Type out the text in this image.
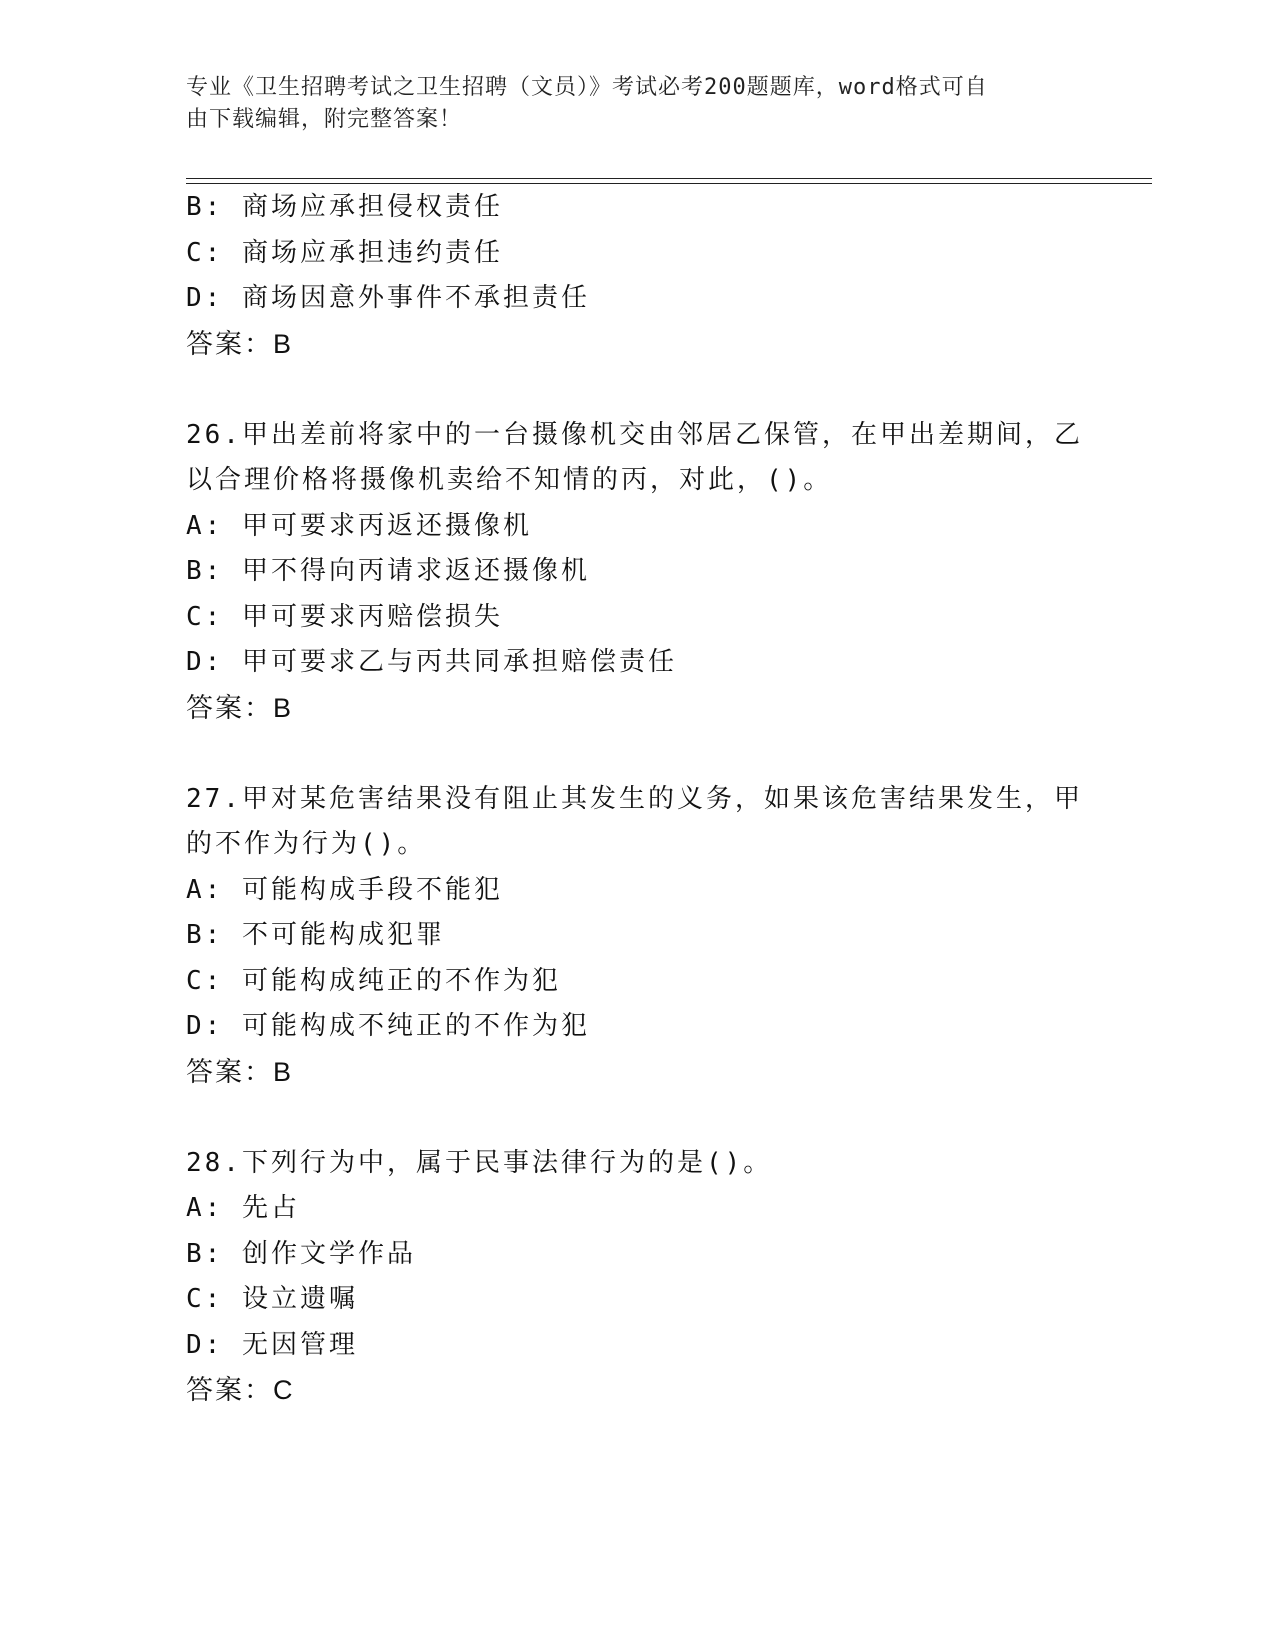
专业《卫生招聘考试之卫生招聘（文员）》考试必考200题题库，word格式可自
由下载编辑，附完整答案！
B: 商场应承担侵权责任
C: 商场应承担违约责任
D: 商场因意外事件不承担责任
答案：B
26.甲出差前将家中的一台摄像机交由邻居乙保管，在甲出差期间，乙
以合理价格将摄像机卖给不知情的丙，对此，()。
A: 甲可要求丙返还摄像机
B: 甲不得向丙请求返还摄像机
C: 甲可要求丙赔偿损失
D: 甲可要求乙与丙共同承担赔偿责任
答案：B
27.甲对某危害结果没有阻止其发生的义务，如果该危害结果发生，甲
的不作为行为()。
A: 可能构成手段不能犯
B: 不可能构成犯罪
C: 可能构成纯正的不作为犯
D: 可能构成不纯正的不作为犯
答案：B
28.下列行为中，属于民事法律行为的是()。
A: 先占
B: 创作文学作品
C: 设立遗嘱
D: 无因管理
答案：C
